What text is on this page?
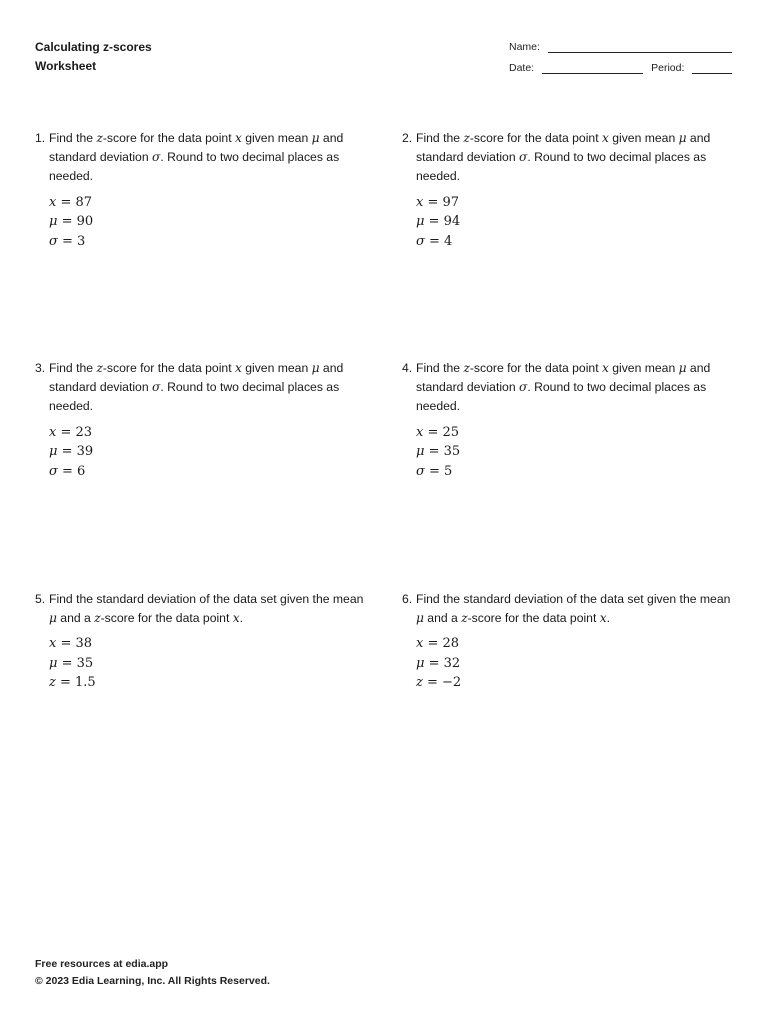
Calculating z-scores
Worksheet
Name:
Date:	Period:
1. Find the z-score for the data point x given mean μ and standard deviation σ. Round to two decimal places as needed.
x = 87
μ = 90
σ = 3
2. Find the z-score for the data point x given mean μ and standard deviation σ. Round to two decimal places as needed.
x = 97
μ = 94
σ = 4
3. Find the z-score for the data point x given mean μ and standard deviation σ. Round to two decimal places as needed.
x = 23
μ = 39
σ = 6
4. Find the z-score for the data point x given mean μ and standard deviation σ. Round to two decimal places as needed.
x = 25
μ = 35
σ = 5
5. Find the standard deviation of the data set given the mean μ and a z-score for the data point x.
x = 38
μ = 35
z = 1.5
6. Find the standard deviation of the data set given the mean μ and a z-score for the data point x.
x = 28
μ = 32
z = −2
Free resources at edia.app
© 2023 Edia Learning, Inc. All Rights Reserved.
